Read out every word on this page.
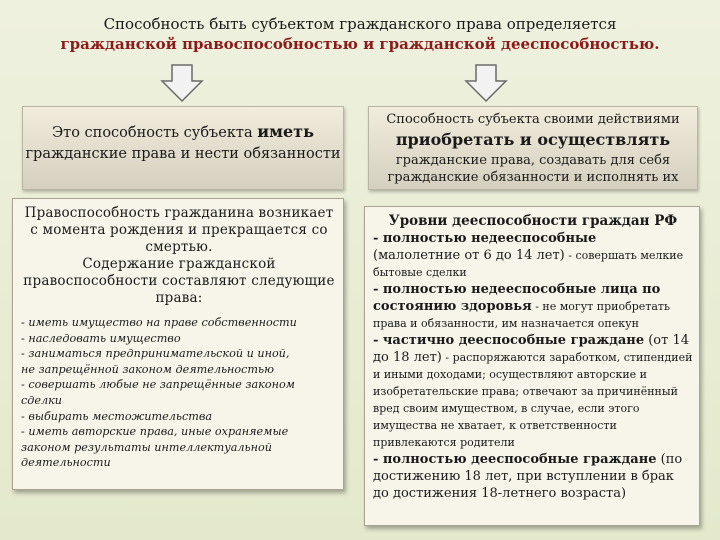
Способность быть субъектом гражданского права определяется
гражданской правоспособностью и гражданской дееспособностью.
Это способность субъекта иметь
гражданские права и нести обязанности
Способность субъекта своими действиями
приобретать и осуществлять
гражданские права, создавать для себя гражданские обязанности и исполнять их
Правоспособность гражданина возникает с момента рождения и прекращается со смертью.
Содержание гражданской правоспособности составляют следующие права:
- иметь имущество на праве собственности
- наследовать имущество
- заниматься предпринимательской и иной,
не запрещённой законом деятельностью
- совершать любые не запрещённые законом
сделки
- выбирать местожительства
- иметь авторские права, иные охраняемые
законом результаты интеллектуальной
деятельности
Уровни дееспособности граждан РФ
- полностью недееспособные
(малолетние от 6 до 14 лет) - совершать мелкие бытовые сделки
- полностью недееспособные лица по состоянию здоровья - не могут приобретать права и обязанности, им назначается опекун
- частично дееспособные граждане (от 14 до 18 лет) - распоряжаются заработком, стипендией и иными доходами; осуществляют авторские и изобретательские права; отвечают за причинённый вред своим имуществом, в случае, если этого имущества не хватает, к ответственности привлекаются родители
- полностью дееспособные граждане (по достижению 18 лет, при вступлении в брак до достижения 18-летнего возраста)
